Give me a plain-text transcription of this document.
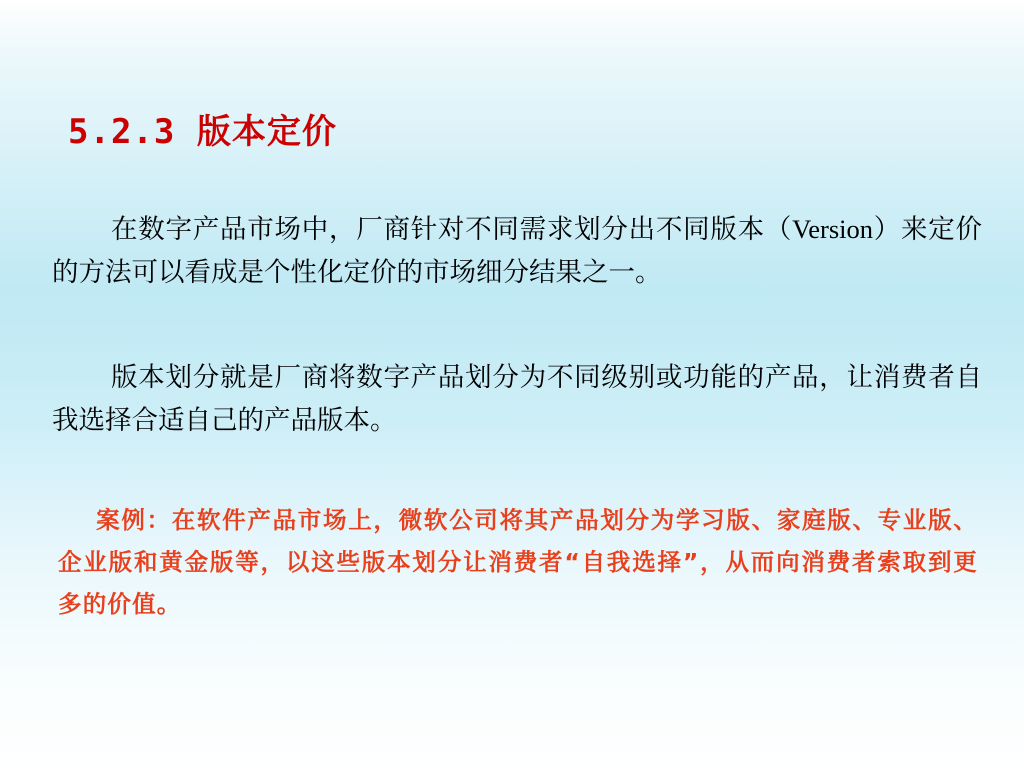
5.2.3 版本定价
在数字产品市场中，厂商针对不同需求划分出不同版本（Version）来定价的方法可以看成是个性化定价的市场细分结果之一。
版本划分就是厂商将数字产品划分为不同级别或功能的产品，让消费者自我选择合适自己的产品版本。
案例：在软件产品市场上，微软公司将其产品划分为学习版、家庭版、专业版、企业版和黄金版等，以这些版本划分让消费者“自我选择”，从而向消费者索取到更多的价值。
